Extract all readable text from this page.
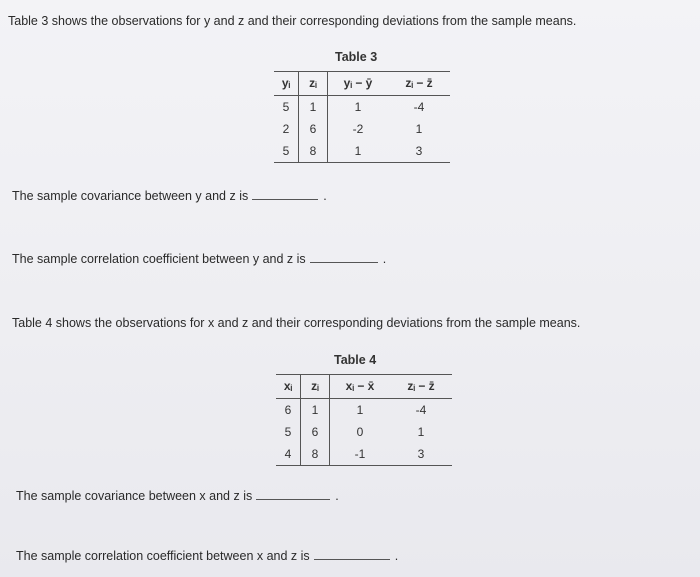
Table 3 shows the observations for y and z and their corresponding deviations from the sample means.
Table 3
yᵢ	zᵢ	yᵢ − ȳ	zᵢ − z̄
5	1	1	-4
2	6	-2	1
5	8	1	3
The sample covariance between y and z is	.
The sample correlation coefficient between y and z is	.
Table 4 shows the observations for x and z and their corresponding deviations from the sample means.
Table 4
xᵢ	zᵢ	xᵢ − x̄	zᵢ − z̄
6	1	1	-4
5	6	0	1
4	8	-1	3
The sample covariance between x and z is	.
The sample correlation coefficient between x and z is	.
